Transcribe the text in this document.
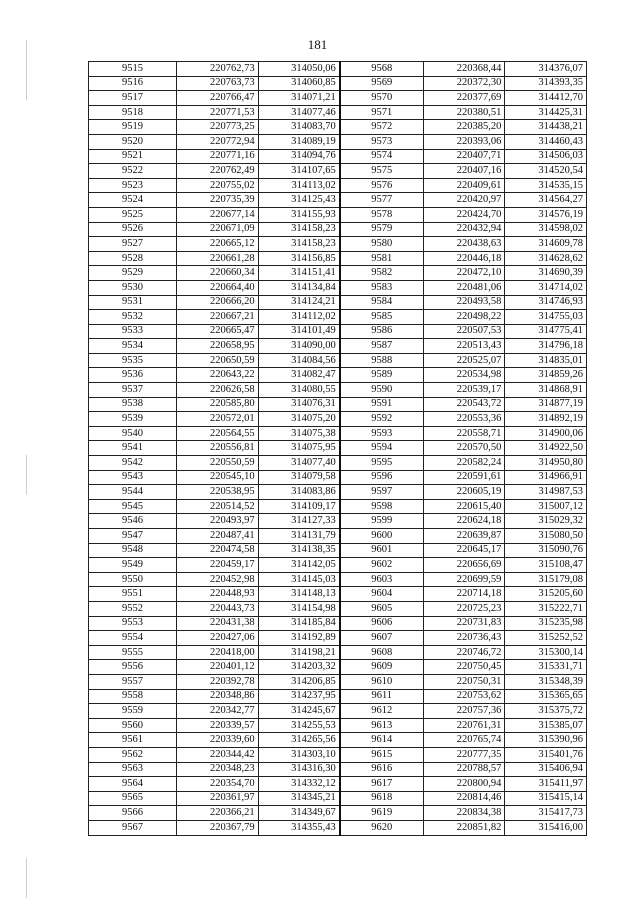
181
9515	220762,73	314050,06	9568	220368,44	314376,07
9516	220763,73	314060,85	9569	220372,30	314393,35
9517	220766,47	314071,21	9570	220377,69	314412,70
9518	220771,53	314077,46	9571	220380,51	314425,31
9519	220773,25	314083,70	9572	220385,20	314438,21
9520	220772,94	314089,19	9573	220393,06	314460,43
9521	220771,16	314094,76	9574	220407,71	314506,03
9522	220762,49	314107,65	9575	220407,16	314520,54
9523	220755,02	314113,02	9576	220409,61	314535,15
9524	220735,39	314125,43	9577	220420,97	314564,27
9525	220677,14	314155,93	9578	220424,70	314576,19
9526	220671,09	314158,23	9579	220432,94	314598,02
9527	220665,12	314158,23	9580	220438,63	314609,78
9528	220661,28	314156,85	9581	220446,18	314628,62
9529	220660,34	314151,41	9582	220472,10	314690,39
9530	220664,40	314134,84	9583	220481,06	314714,02
9531	220666,20	314124,21	9584	220493,58	314746,93
9532	220667,21	314112,02	9585	220498,22	314755,03
9533	220665,47	314101,49	9586	220507,53	314775,41
9534	220658,95	314090,00	9587	220513,43	314796,18
9535	220650,59	314084,56	9588	220525,07	314835,01
9536	220643,22	314082,47	9589	220534,98	314859,26
9537	220626,58	314080,55	9590	220539,17	314868,91
9538	220585,80	314076,31	9591	220543,72	314877,19
9539	220572,01	314075,20	9592	220553,36	314892,19
9540	220564,55	314075,38	9593	220558,71	314900,06
9541	220556,81	314075,95	9594	220570,50	314922,50
9542	220550,59	314077,40	9595	220582,24	314950,80
9543	220545,10	314079,58	9596	220591,61	314966,91
9544	220538,95	314083,86	9597	220605,19	314987,53
9545	220514,52	314109,17	9598	220615,40	315007,12
9546	220493,97	314127,33	9599	220624,18	315029,32
9547	220487,41	314131,79	9600	220639,87	315080,50
9548	220474,58	314138,35	9601	220645,17	315090,76
9549	220459,17	314142,05	9602	220656,69	315108,47
9550	220452,98	314145,03	9603	220699,59	315179,08
9551	220448,93	314148,13	9604	220714,18	315205,60
9552	220443,73	314154,98	9605	220725,23	315222,71
9553	220431,38	314185,84	9606	220731,83	315235,98
9554	220427,06	314192,89	9607	220736,43	315252,52
9555	220418,00	314198,21	9608	220746,72	315300,14
9556	220401,12	314203,32	9609	220750,45	315331,71
9557	220392,78	314206,85	9610	220750,31	315348,39
9558	220348,86	314237,95	9611	220753,62	315365,65
9559	220342,77	314245,67	9612	220757,36	315375,72
9560	220339,57	314255,53	9613	220761,31	315385,07
9561	220339,60	314265,56	9614	220765,74	315390,96
9562	220344,42	314303,10	9615	220777,35	315401,76
9563	220348,23	314316,30	9616	220788,57	315406,94
9564	220354,70	314332,12	9617	220800,94	315411,97
9565	220361,97	314345,21	9618	220814,46	315415,14
9566	220366,21	314349,67	9619	220834,38	315417,73
9567	220367,79	314355,43	9620	220851,82	315416,00
